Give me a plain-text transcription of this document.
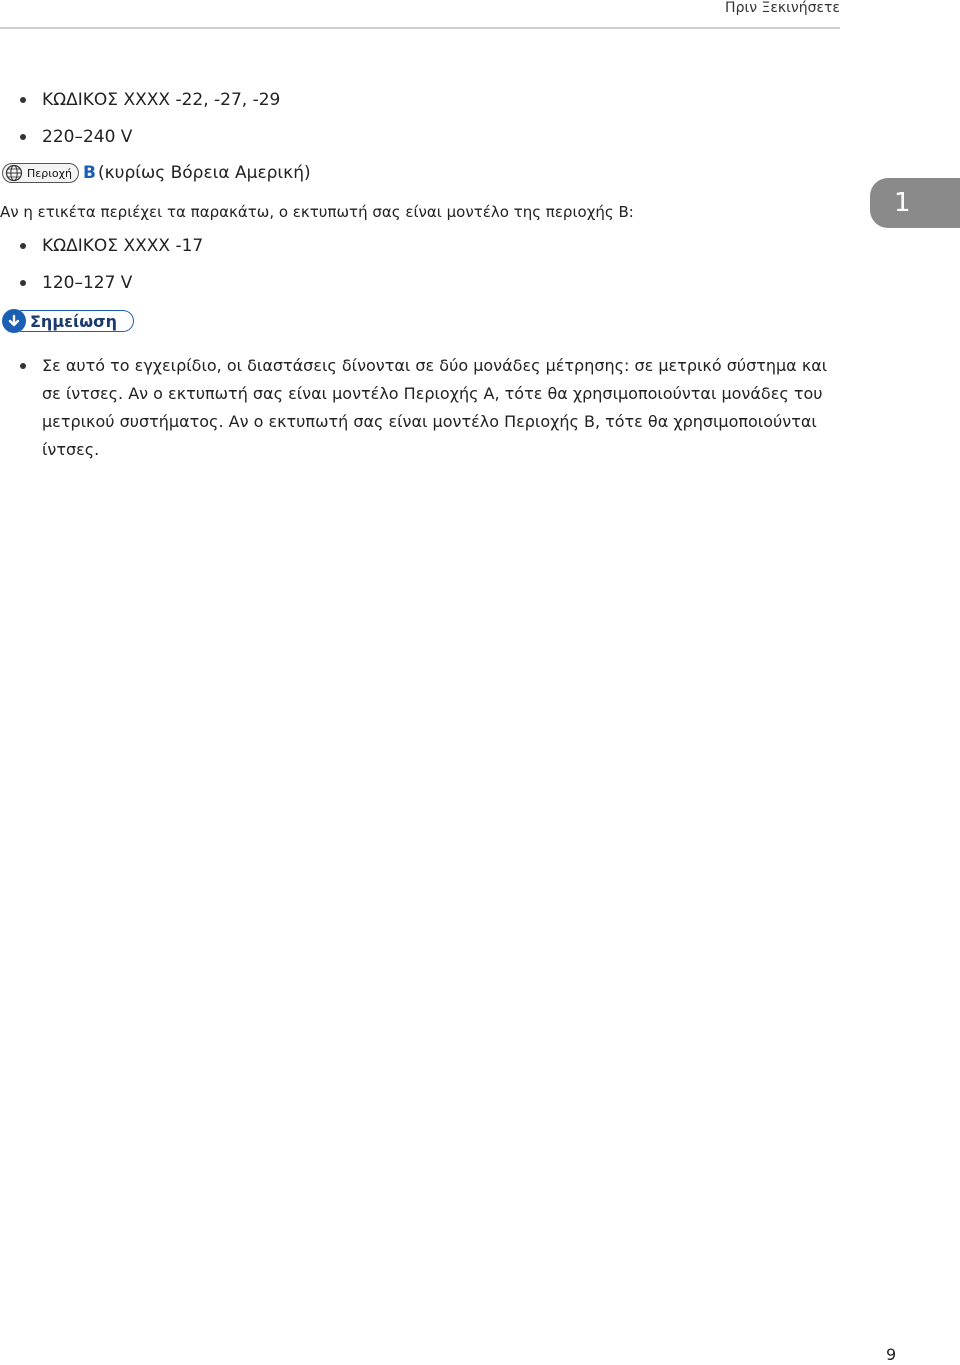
Πριν Ξεκινήσετε
ΚΩΔΙΚΟΣ XXXX -22, -27, -29
220–240 V
Περιοχή B (κυρίως Βόρεια Αμερική)
Αν η ετικέτα περιέχει τα παρακάτω, ο εκτυπωτή σας είναι μοντέλο της περιοχής B:
ΚΩΔΙΚΟΣ XXXX -17
120–127 V
1
Σημείωση
Σε αυτό το εγχειρίδιο, οι διαστάσεις δίνονται σε δύο μονάδες μέτρησης: σε μετρικό σύστημα και σε ίντσες. Αν ο εκτυπωτή σας είναι μοντέλο Περιοχής A, τότε θα χρησιμοποιούνται μονάδες του μετρικού συστήματος. Αν ο εκτυπωτή σας είναι μοντέλο Περιοχής B, τότε θα χρησιμοποιούνται ίντσες.
9
